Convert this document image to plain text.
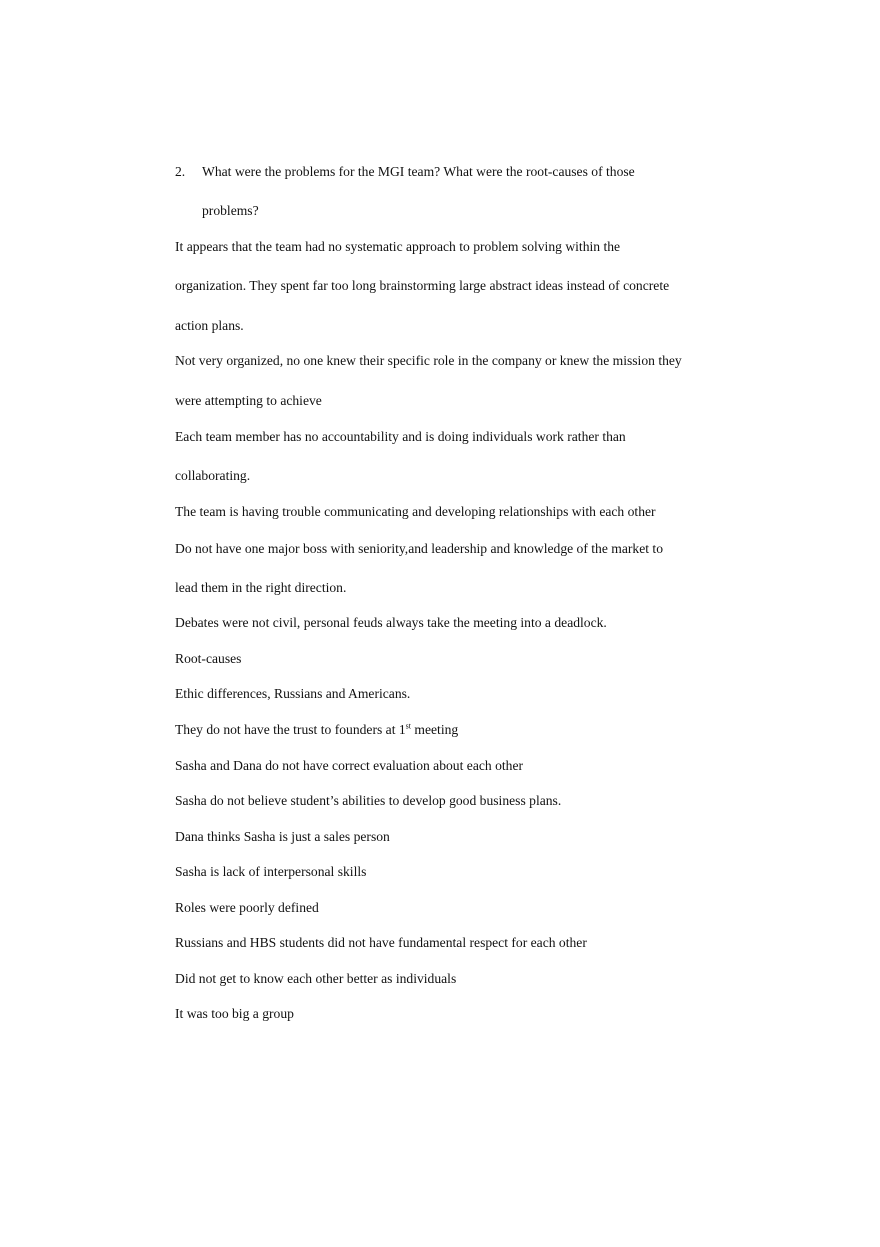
2. What were the problems for the MGI team? What were the root-causes of those
problems?
It appears that the team had no systematic approach to problem solving within the
organization. They spent far too long brainstorming large abstract ideas instead of concrete
action plans.
Not very organized, no one knew their specific role in the company or knew the mission they
were attempting to achieve
Each team member has no accountability and is doing individuals work rather than
collaborating.
The team is having trouble communicating and developing relationships with each other
Do not have one major boss with seniority,and leadership and knowledge of the market to
lead them in the right direction.
Debates were not civil, personal feuds always take the meeting into a deadlock.
Root-causes
Ethic differences, Russians and Americans.
They do not have the trust to founders at 1st meeting
Sasha and Dana do not have correct evaluation about each other
Sasha do not believe student’s abilities to develop good business plans.
Dana thinks Sasha is just a sales person
Sasha is lack of interpersonal skills
Roles were poorly defined
Russians and HBS students did not have fundamental respect for each other
Did not get to know each other better as individuals
It was too big a group
